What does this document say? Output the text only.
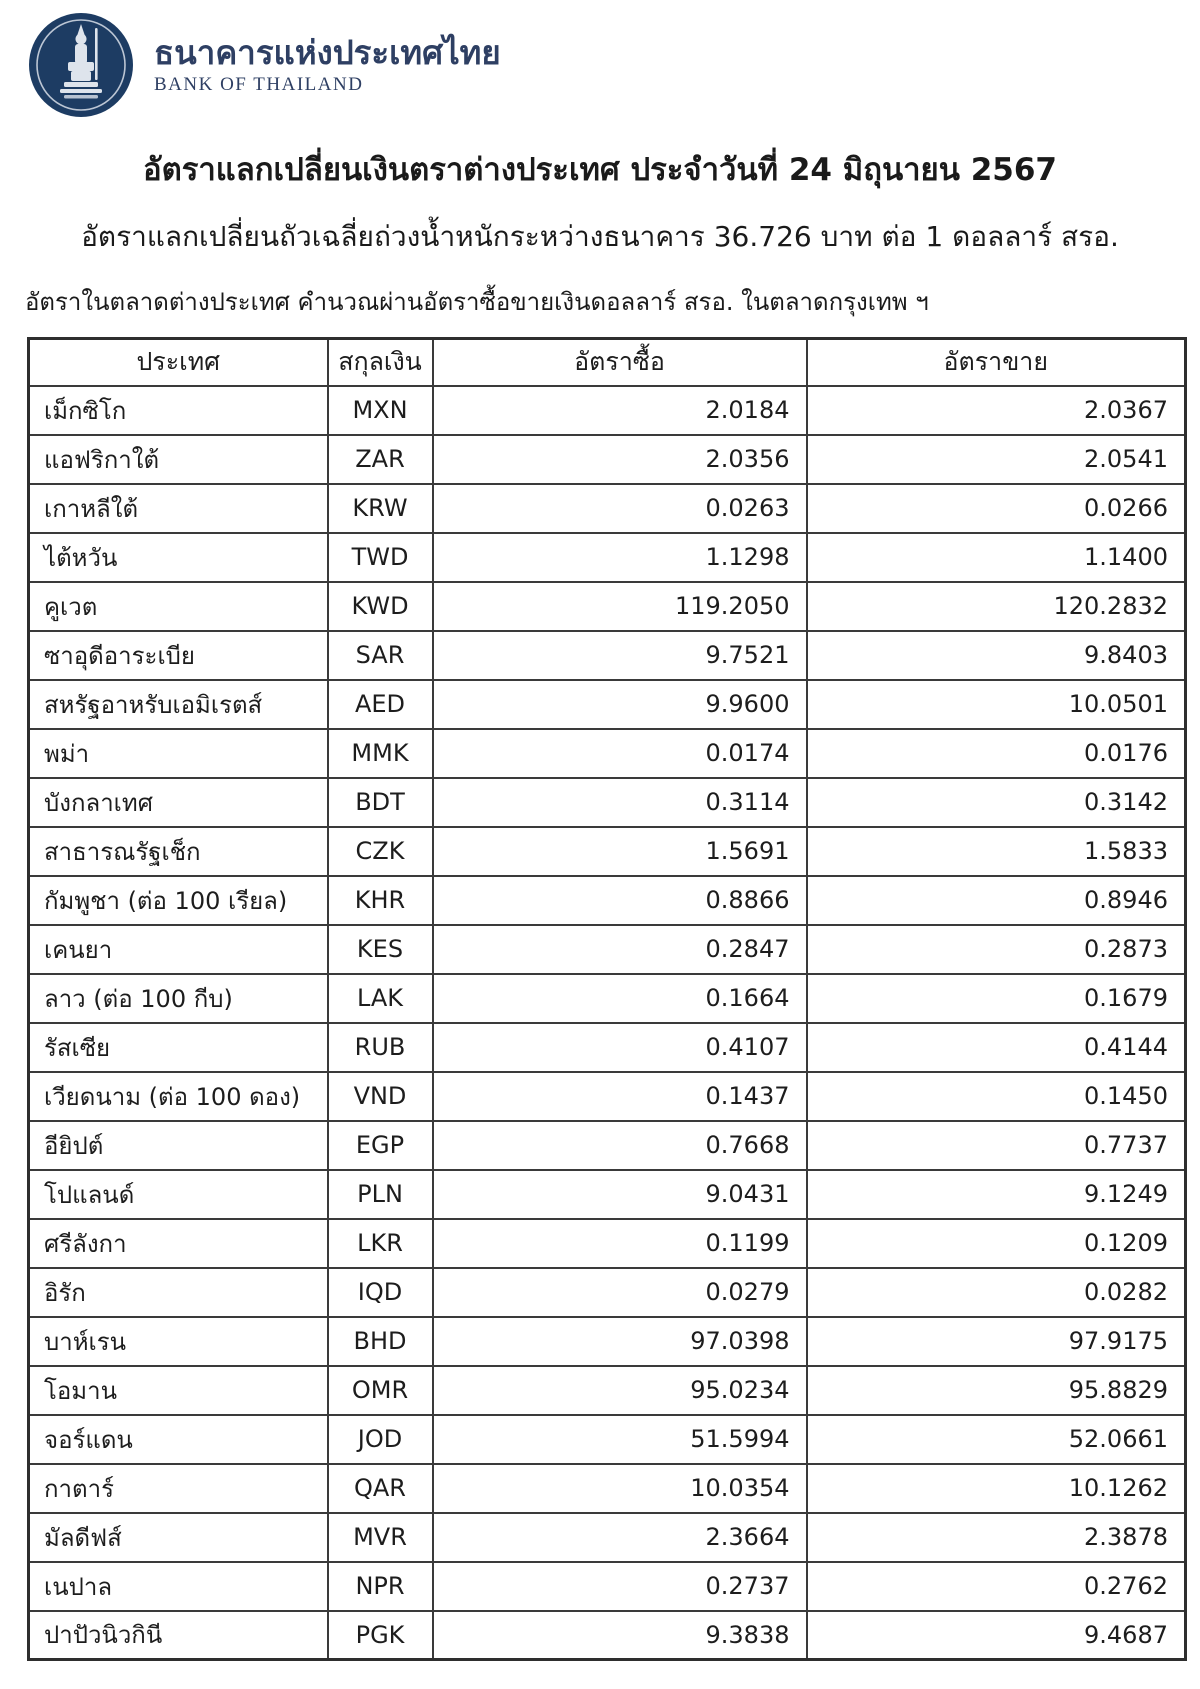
ธนาคารแห่งประเทศไทย
BANK OF THAILAND
อัตราแลกเปลี่ยนเงินตราต่างประเทศ ประจำวันที่ 24 มิถุนายน 2567
อัตราแลกเปลี่ยนถัวเฉลี่ยถ่วงน้ำหนักระหว่างธนาคาร 36.726 บาท ต่อ 1 ดอลลาร์ สรอ.
อัตราในตลาดต่างประเทศ คำนวณผ่านอัตราซื้อขายเงินดอลลาร์ สรอ. ในตลาดกรุงเทพ ฯ
ประเทศ	สกุลเงิน	อัตราซื้อ	อัตราขาย
เม็กซิโก	MXN	2.0184	2.0367
แอฟริกาใต้	ZAR	2.0356	2.0541
เกาหลีใต้	KRW	0.0263	0.0266
ไต้หวัน	TWD	1.1298	1.1400
คูเวต	KWD	119.2050	120.2832
ซาอุดีอาระเบีย	SAR	9.7521	9.8403
สหรัฐอาหรับเอมิเรตส์	AED	9.9600	10.0501
พม่า	MMK	0.0174	0.0176
บังกลาเทศ	BDT	0.3114	0.3142
สาธารณรัฐเช็ก	CZK	1.5691	1.5833
กัมพูชา (ต่อ 100 เรียล)	KHR	0.8866	0.8946
เคนยา	KES	0.2847	0.2873
ลาว (ต่อ 100 กีบ)	LAK	0.1664	0.1679
รัสเซีย	RUB	0.4107	0.4144
เวียดนาม (ต่อ 100 ดอง)	VND	0.1437	0.1450
อียิปต์	EGP	0.7668	0.7737
โปแลนด์	PLN	9.0431	9.1249
ศรีลังกา	LKR	0.1199	0.1209
อิรัก	IQD	0.0279	0.0282
บาห์เรน	BHD	97.0398	97.9175
โอมาน	OMR	95.0234	95.8829
จอร์แดน	JOD	51.5994	52.0661
กาตาร์	QAR	10.0354	10.1262
มัลดีฟส์	MVR	2.3664	2.3878
เนปาล	NPR	0.2737	0.2762
ปาปัวนิวกินี	PGK	9.3838	9.4687
